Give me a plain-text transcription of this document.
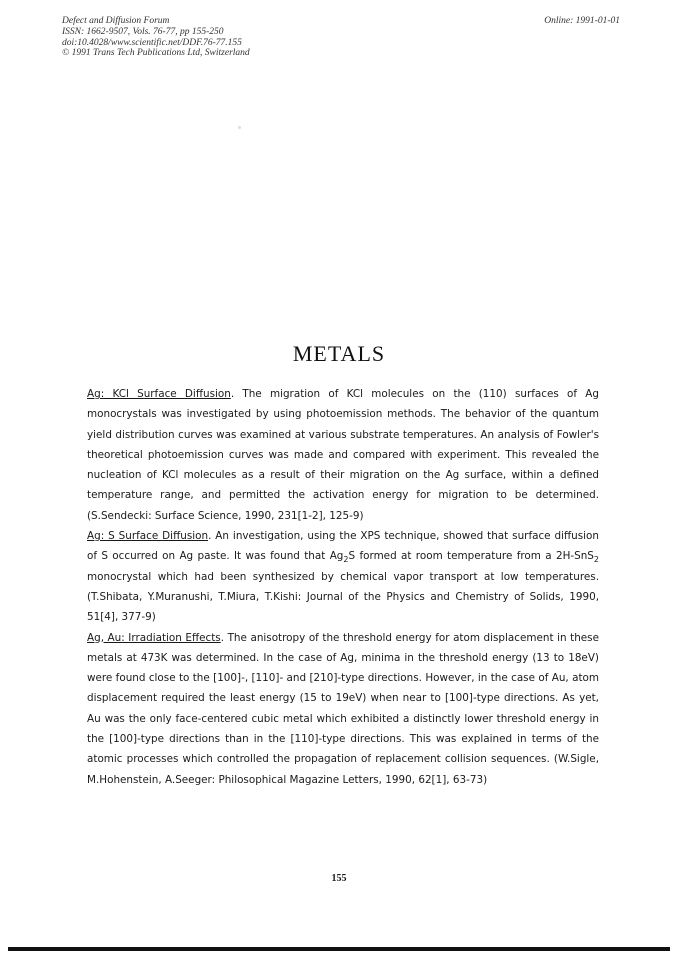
Defect and Diffusion Forum
ISSN: 1662-9507, Vols. 76-77, pp 155-250
doi:10.4028/www.scientific.net/DDF.76-77.155
© 1991 Trans Tech Publications Ltd, Switzerland
Online: 1991-01-01
METALS

Ag: KCl Surface Diffusion. The migration of KCl molecules on the (110) surfaces of Ag monocrystals was investigated by using photoemission methods. The behavior of the quantum yield distribution curves was examined at various substrate temperatures. An analysis of Fowler's theoretical photoemission curves was made and compared with experiment. This revealed the nucleation of KCl molecules as a result of their migration on the Ag surface, within a defined temperature range, and permitted the activation energy for migration to be determined. (S.Sendecki: Surface Science, 1990, 231[1-2], 125-9)

Ag: S Surface Diffusion. An investigation, using the XPS technique, showed that surface diffusion of S occurred on Ag paste. It was found that $Ag_2S$ formed at room temperature from a 2H-SnS$_2$ monocrystal which had been synthesized by chemical vapor transport at low temperatures. (T.Shibata, Y.Muranushi, T.Miura, T.Kishi: Journal of the Physics and Chemistry of Solids, 1990, 51[4], 377-9)

Ag, Au: Irradiation Effects. The anisotropy of the threshold energy for atom displacement in these metals at 473K was determined. In the case of Ag, minima in the threshold energy (13 to 18eV) were found close to the [100]-, [110]- and [210]-type directions. However, in the case of Au, atom displacement required the least energy (15 to 19eV) when near to [100]-type directions. As yet, Au was the only face-centered cubic metal which exhibited a distinctly lower threshold energy in the [100]-type directions than in the [110]-type directions. This was explained in terms of the atomic processes which controlled the propagation of replacement collision sequences. (W.Sigle, M.Hohenstein, A.Seeger: Philosophical Magazine Letters, 1990, 62[1], 63-73)

155
